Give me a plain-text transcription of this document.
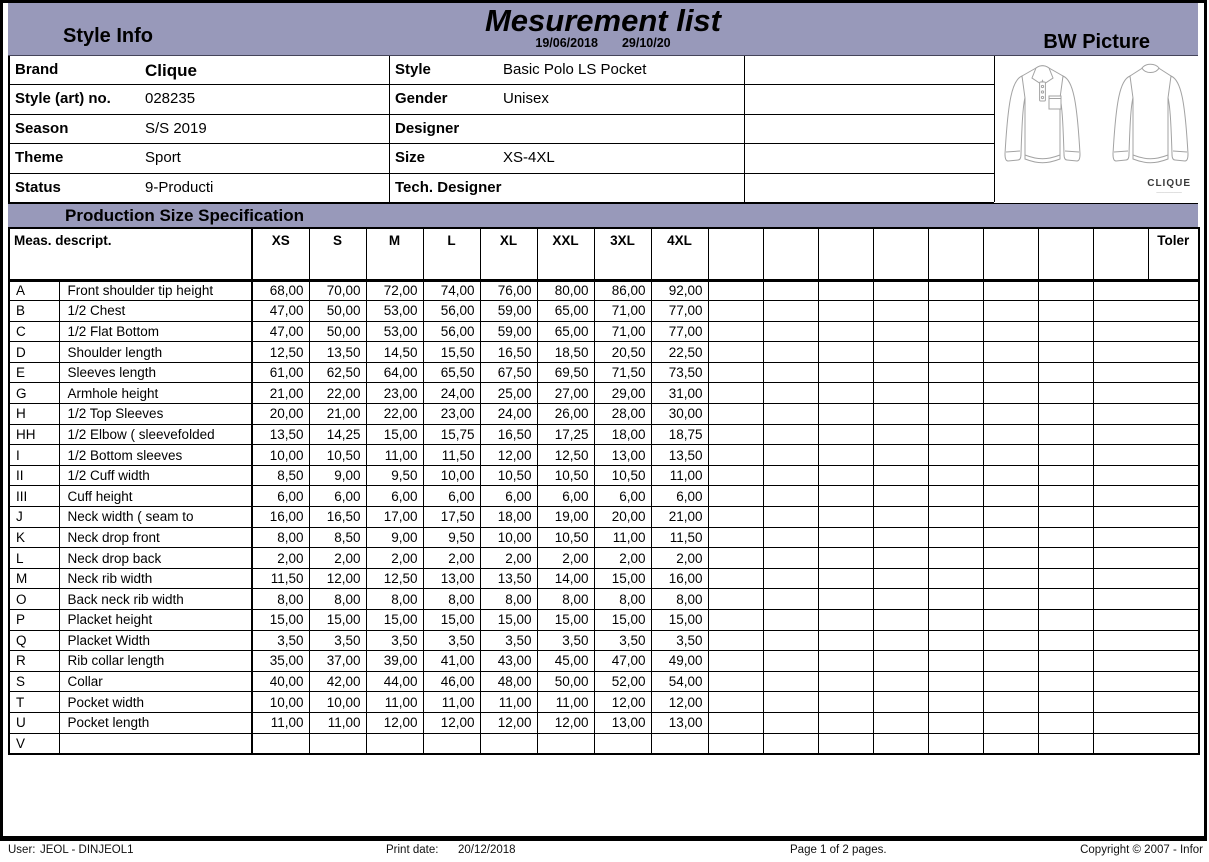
Style Info	Mesurement list
19/06/2018 29/10/20	BW Picture
Brand	Clique	Style	Basic Polo LS Pocket
Style (art) no.	028235	Gender	Unisex
Season	S/S 2019	Designer
Theme	Sport	Size	XS-4XL
Status	9-Producti	Tech. Designer	CLIQUE
─────────
Production Size Specification
Meas. descript.		XS	S	M	L	XL	XXL	3XL	4XL									Toler
A	Front shoulder tip height	68,00	70,00	72,00	74,00	76,00	80,00	86,00	92,00									
B	1/2 Chest	47,00	50,00	53,00	56,00	59,00	65,00	71,00	77,00									
C	1/2 Flat Bottom	47,00	50,00	53,00	56,00	59,00	65,00	71,00	77,00									
D	Shoulder length	12,50	13,50	14,50	15,50	16,50	18,50	20,50	22,50									
E	Sleeves length	61,00	62,50	64,00	65,50	67,50	69,50	71,50	73,50									
G	Armhole height	21,00	22,00	23,00	24,00	25,00	27,00	29,00	31,00									
H	1/2 Top Sleeves	20,00	21,00	22,00	23,00	24,00	26,00	28,00	30,00									
HH	1/2 Elbow ( sleevefolded	13,50	14,25	15,00	15,75	16,50	17,25	18,00	18,75									
I	1/2 Bottom sleeves	10,00	10,50	11,00	11,50	12,00	12,50	13,00	13,50									
II	1/2 Cuff width	8,50	9,00	9,50	10,00	10,50	10,50	10,50	11,00									
III	Cuff height	6,00	6,00	6,00	6,00	6,00	6,00	6,00	6,00									
J	Neck width ( seam to	16,00	16,50	17,00	17,50	18,00	19,00	20,00	21,00									
K	Neck drop front	8,00	8,50	9,00	9,50	10,00	10,50	11,00	11,50									
L	Neck drop back	2,00	2,00	2,00	2,00	2,00	2,00	2,00	2,00									
M	Neck rib width	11,50	12,00	12,50	13,00	13,50	14,00	15,00	16,00									
O	Back neck rib width	8,00	8,00	8,00	8,00	8,00	8,00	8,00	8,00									
P	Placket height	15,00	15,00	15,00	15,00	15,00	15,00	15,00	15,00									
Q	Placket Width	3,50	3,50	3,50	3,50	3,50	3,50	3,50	3,50									
R	Rib collar length	35,00	37,00	39,00	41,00	43,00	45,00	47,00	49,00									
S	Collar	40,00	42,00	44,00	46,00	48,00	50,00	52,00	54,00									
T	Pocket width	10,00	10,00	11,00	11,00	11,00	11,00	12,00	12,00									
U	Pocket length	11,00	11,00	12,00	12,00	12,00	12,00	13,00	13,00									
V																		
User: JEOL - DINJEOL1	Print date: 20/12/2018	Page 1 of 2 pages.	Copyright © 2007 - Infor
